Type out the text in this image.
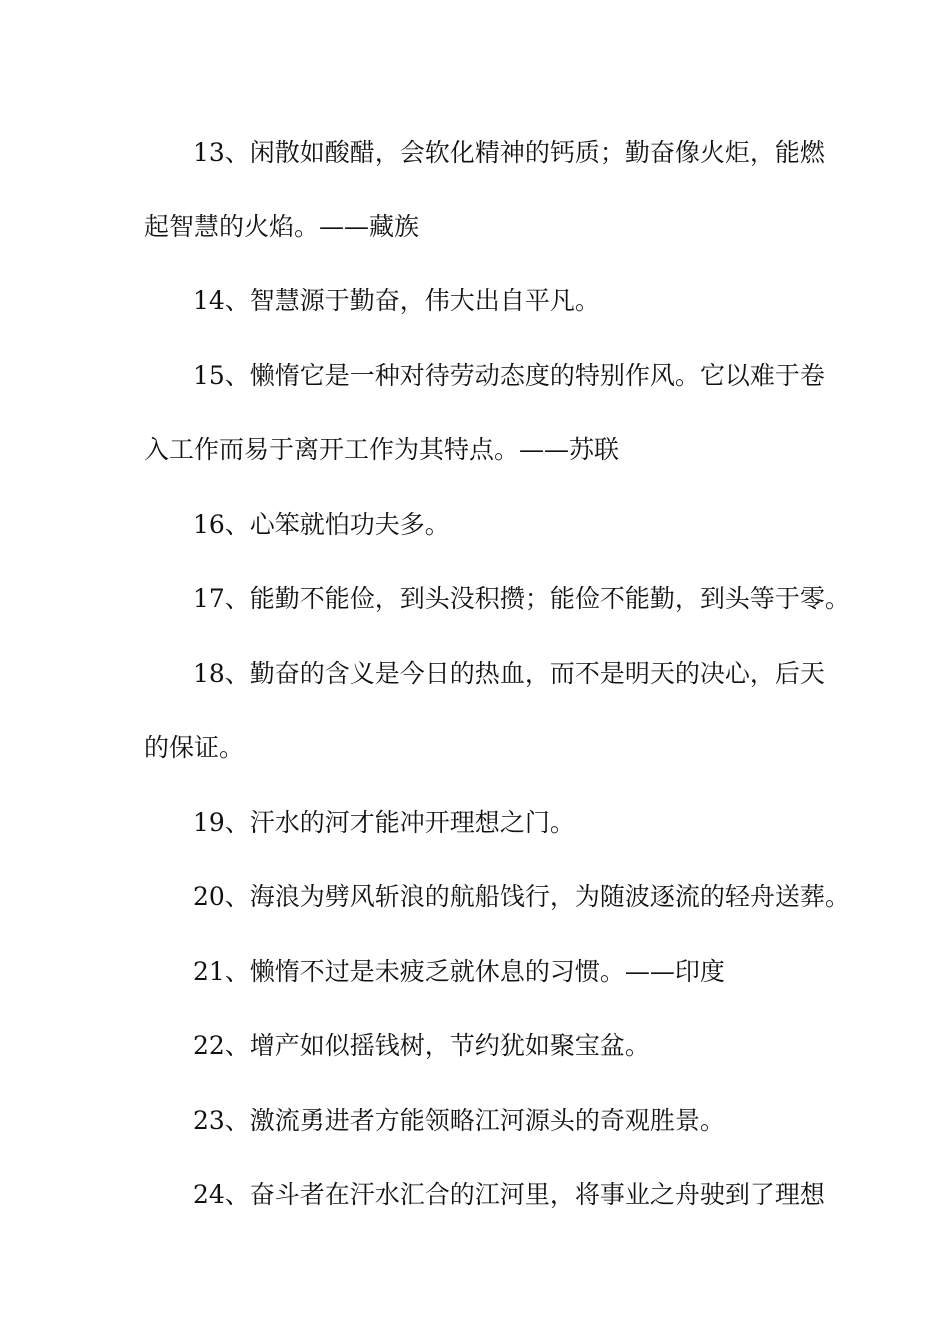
13、闲散如酸醋，会软化精神的钙质；勤奋像火炬，能燃
起智慧的火焰。——藏族
14、智慧源于勤奋，伟大出自平凡。
15、懒惰它是一种对待劳动态度的特别作风。它以难于卷
入工作而易于离开工作为其特点。——苏联
16、心笨就怕功夫多。
17、能勤不能俭，到头没积攒；能俭不能勤，到头等于零。
18、勤奋的含义是今日的热血，而不是明天的决心，后天
的保证。
19、汗水的河才能冲开理想之门。
20、海浪为劈风斩浪的航船饯行，为随波逐流的轻舟送葬。
21、懒惰不过是未疲乏就休息的习惯。——印度
22、增产如似摇钱树，节约犹如聚宝盆。
23、激流勇进者方能领略江河源头的奇观胜景。
24、奋斗者在汗水汇合的江河里，将事业之舟驶到了理想
